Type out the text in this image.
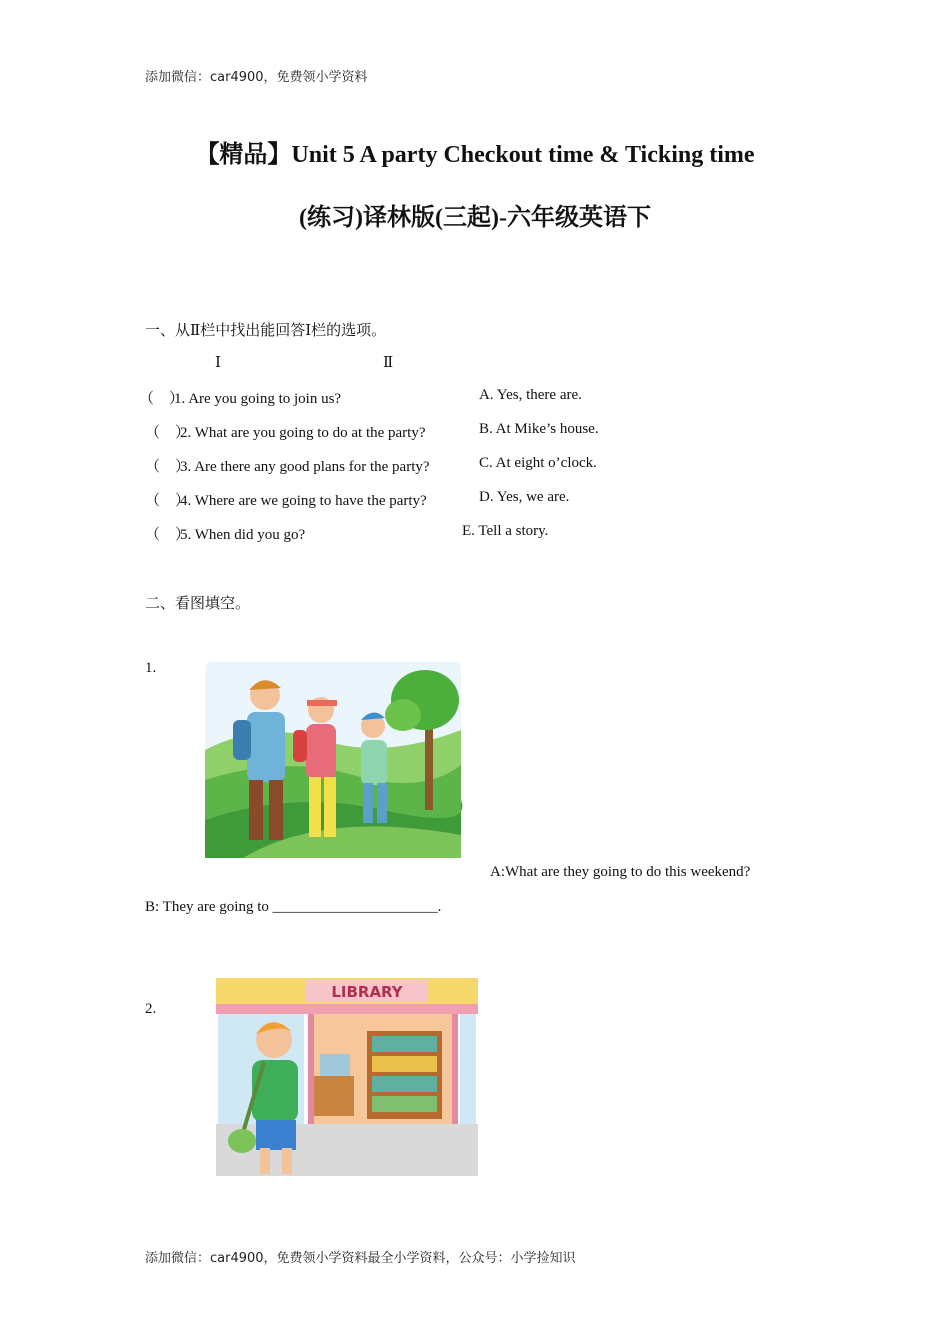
添加微信：car4900，免费领小学资料
【精品】Unit 5 A party Checkout time & Ticking time
(练习)译林版(三起)-六年级英语下
一、从Ⅱ栏中找出能回答Ⅰ栏的选项。
Ⅰ	Ⅱ
（　）1. Are you going to join us?	A. Yes, there are.
（　）2. What are you going to do at the party?	B. At Mike’s house.
（　）3. Are there any good plans for the party?	C. At eight o’clock.
（　）4. Where are we going to have the party?	D. Yes, we are.
（　）5. When did you go?	E. Tell a story.
二、看图填空。
1.
A:What are they going to do this weekend?
B: They are going to ______________________.
2.
LIBRARY
添加微信：car4900，免费领小学资料最全小学资料，公众号：小学捡知识
